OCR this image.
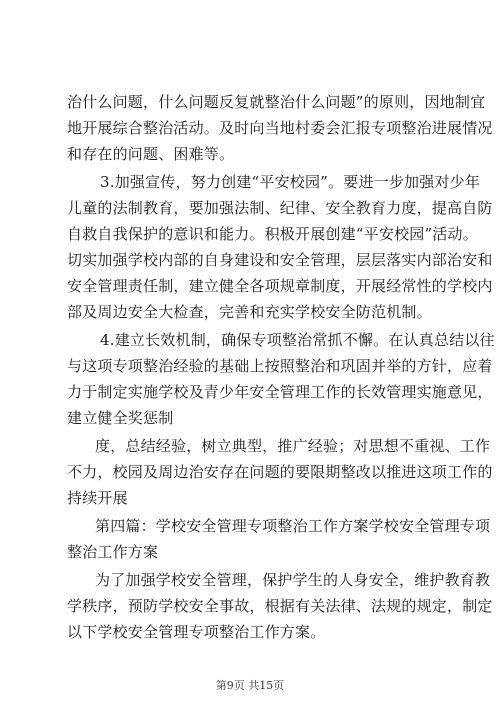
治什么问题，什么问题反复就整治什么问题”的原则，因地制宜
地开展综合整治活动。及时向当地村委会汇报专项整治进展情况
和存在的问题、困难等。
3.加强宣传，努力创建“平安校园”。要进一步加强对少年
儿童的法制教育，要加强法制、纪律、安全教育力度，提高自防
自救自我保护的意识和能力。积极开展创建“平安校园”活动。
切实加强学校内部的自身建设和安全管理，层层落实内部治安和
安全管理责任制，建立健全各项规章制度，开展经常性的学校内
部及周边安全大检查，完善和充实学校安全防范机制。
4.建立长效机制，确保专项整治常抓不懈。在认真总结以往
与这项专项整治经验的基础上按照整治和巩固并举的方针，应着
力于制定实施学校及青少年安全管理工作的长效管理实施意见，
建立健全奖惩制
度，总结经验，树立典型，推广经验；对思想不重视、工作
不力，校园及周边治安存在问题的要限期整改以推进这项工作的
持续开展
第四篇：学校安全管理专项整治工作方案学校安全管理专项
整治工作方案
为了加强学校安全管理，保护学生的人身安全，维护教育教
学秩序，预防学校安全事故，根据有关法律、法规的规定，制定
以下学校安全管理专项整治工作方案。
第9页 共15页
